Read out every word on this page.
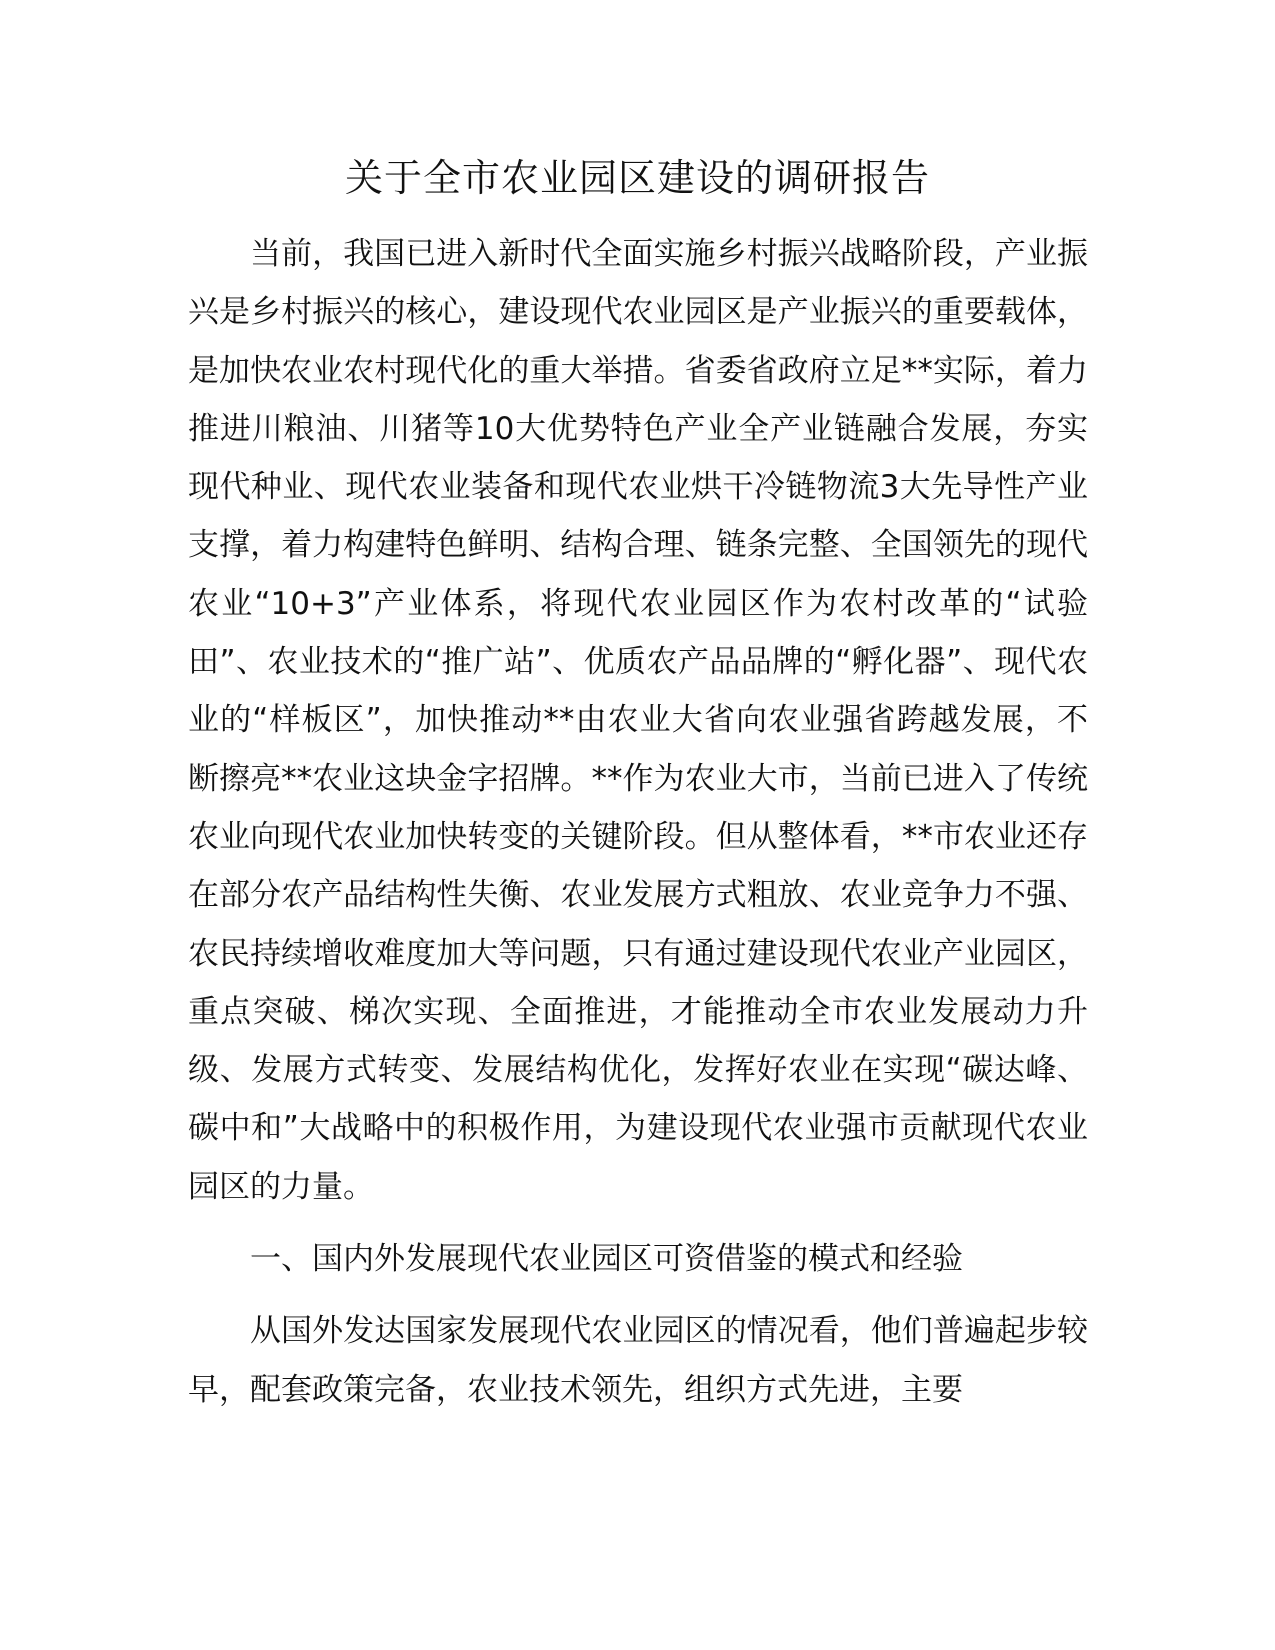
关于全市农业园区建设的调研报告

当前，我国已进入新时代全面实施乡村振兴战略阶段，产业振兴是乡村振兴的核心，建设现代农业园区是产业振兴的重要载体，是加快农业农村现代化的重大举措。省委省政府立足**实际，着力推进川粮油、川猪等10大优势特色产业全产业链融合发展，夯实现代种业、现代农业装备和现代农业烘干冷链物流3大先导性产业支撑，着力构建特色鲜明、结构合理、链条完整、全国领先的现代农业“10+3”产业体系，将现代农业园区作为农村改革的“试验田”、农业技术的“推广站”、优质农产品品牌的“孵化器”、现代农业的“样板区”，加快推动**由农业大省向农业强省跨越发展，不断擦亮**农业这块金字招牌。**作为农业大市，当前已进入了传统农业向现代农业加快转变的关键阶段。但从整体看，**市农业还存在部分农产品结构性失衡、农业发展方式粗放、农业竞争力不强、农民持续增收难度加大等问题，只有通过建设现代农业产业园区，重点突破、梯次实现、全面推进，才能推动全市农业发展动力升级、发展方式转变、发展结构优化，发挥好农业在实现“碳达峰、碳中和”大战略中的积极作用，为建设现代农业强市贡献现代农业园区的力量。

一、国内外发展现代农业园区可资借鉴的模式和经验

从国外发达国家发展现代农业园区的情况看，他们普遍起步较早，配套政策完备，农业技术领先，组织方式先进，主要
